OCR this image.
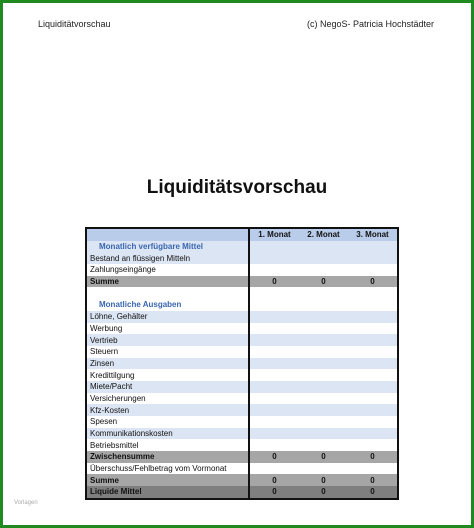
Liquiditätvorschau	(c) NegoS- Patricia Hochstädter
Liquiditätsvorschau
	1. Monat	2. Monat	3. Monat
Monatlich verfügbare Mittel			
Bestand an flüssigen Mitteln			
Zahlungseingänge			
Summe	0	0	0

Monatliche Ausgaben			
Löhne, Gehälter			
Werbung			
Vertrieb			
Steuern			
Zinsen			
Kredittilgung			
Miete/Pacht			
Versicherungen			
Kfz-Kosten			
Spesen			
Kommunikationskosten			
Betriebsmittel			
Zwischensumme	0	0	0
Überschuss/Fehlbetrag vom Vormonat			
Summe	0	0	0
Liquide Mittel	0	0	0
Vorlagen
